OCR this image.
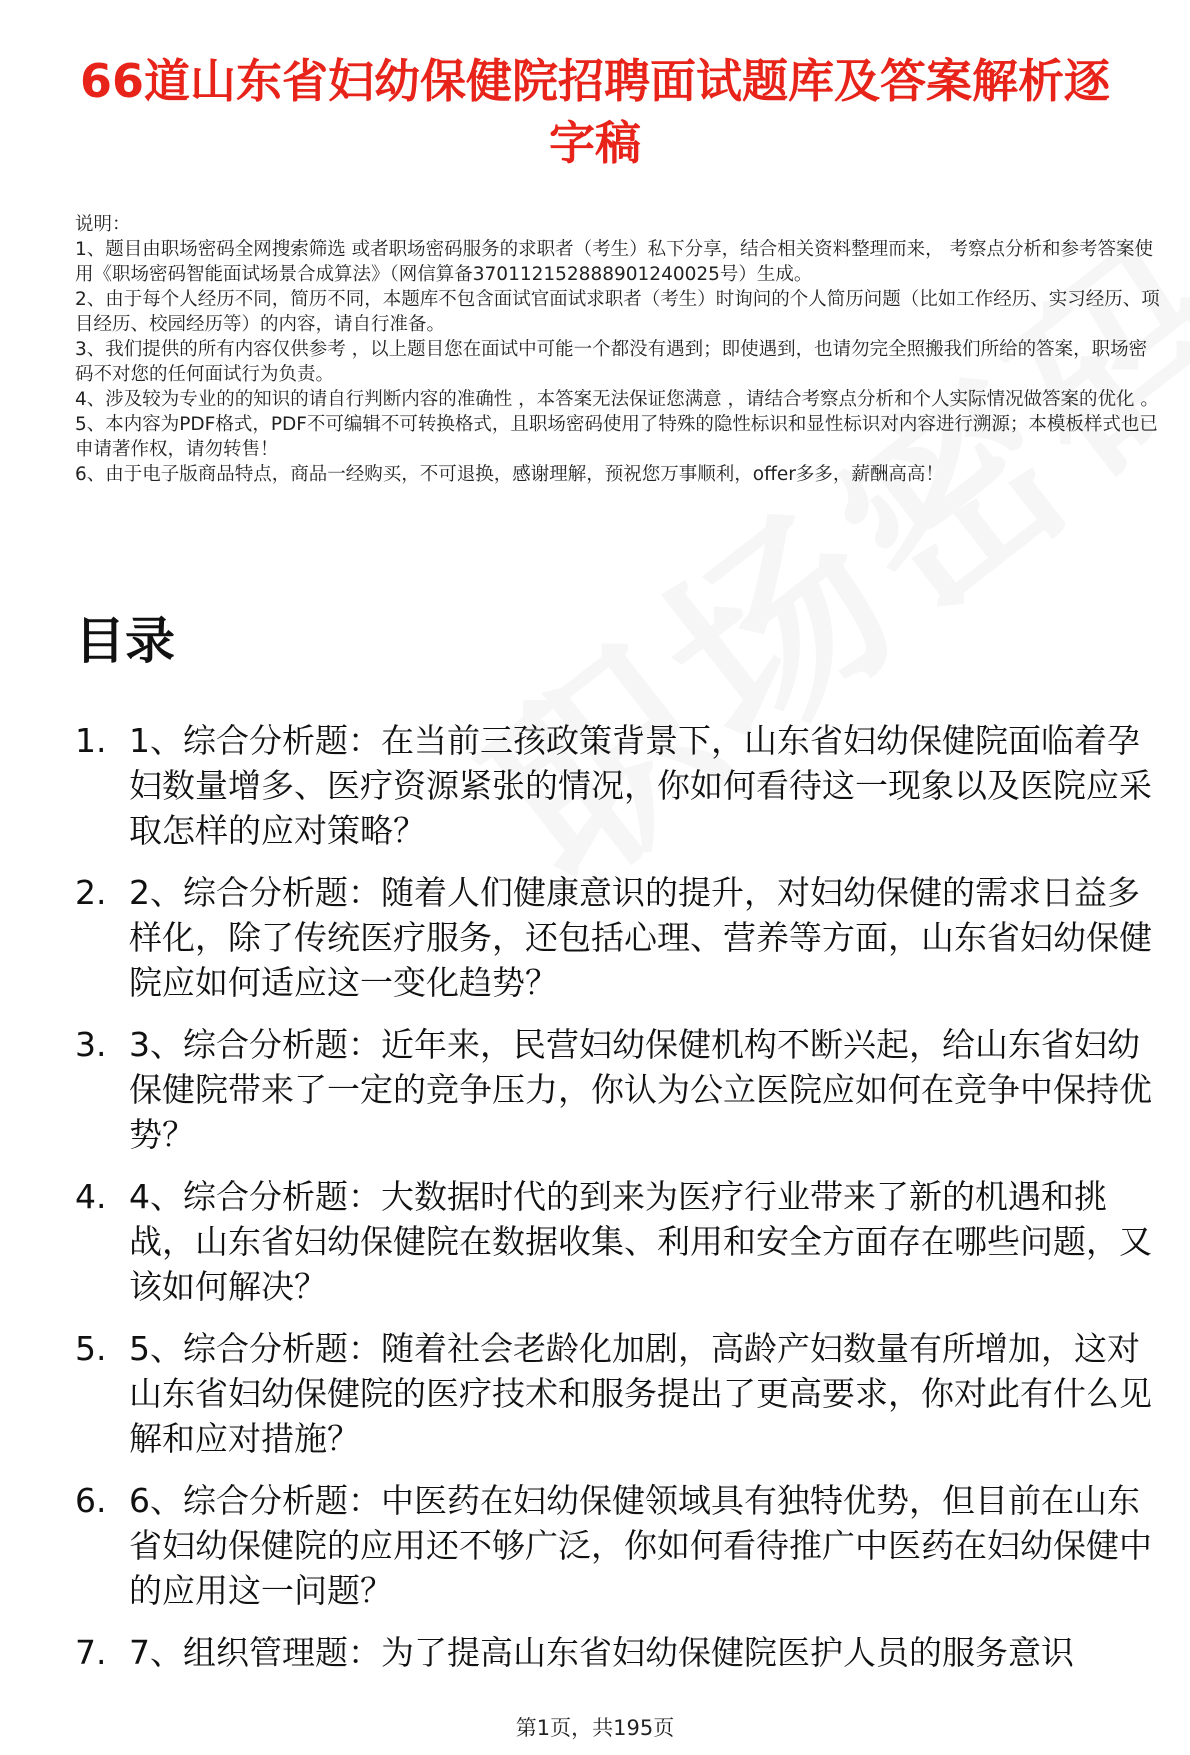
66道山东省妇幼保健院招聘面试题库及答案解析逐字稿

说明：

1、题目由职场密码全网搜索筛选 或者职场密码服务的求职者（考生）私下分享，结合相关资料整理而来， 考察点分析和参考答案使用《职场密码智能面试场景合成算法》（网信算备370112152888901240025号）生成。

2、由于每个人经历不同，简历不同，本题库不包含面试官面试求职者（考生）时询问的个人简历问题（比如工作经历、实习经历、项目经历、校园经历等）的内容，请自行准备。

3、我们提供的所有内容仅供参考 ，以上题目您在面试中可能一个都没有遇到；即使遇到，也请勿完全照搬我们所给的答案，职场密码不对您的任何面试行为负责。

4、涉及较为专业的的知识的请自行判断内容的准确性 ，本答案无法保证您满意 ，请结合考察点分析和个人实际情况做答案的优化 。

5、本内容为PDF格式，PDF不可编辑不可转换格式，且职场密码使用了特殊的隐性标识和显性标识对内容进行溯源；本模板样式也已申请著作权，请勿转售！

6、由于电子版商品特点，商品一经购买，不可退换，感谢理解，预祝您万事顺利，offer多多，薪酬高高！

目录
1. 1、综合分析题：在当前三孩政策背景下，山东省妇幼保健院面临着孕妇数量增多、医疗资源紧张的情况，你如何看待这一现象以及医院应采取怎样的应对策略？
2. 2、综合分析题：随着人们健康意识的提升，对妇幼保健的需求日益多样化，除了传统医疗服务，还包括心理、营养等方面，山东省妇幼保健院应如何适应这一变化趋势？
3. 3、综合分析题：近年来，民营妇幼保健机构不断兴起，给山东省妇幼保健院带来了一定的竞争压力，你认为公立医院应如何在竞争中保持优势？
4. 4、综合分析题：大数据时代的到来为医疗行业带来了新的机遇和挑战，山东省妇幼保健院在数据收集、利用和安全方面存在哪些问题，又该如何解决？
5. 5、综合分析题：随着社会老龄化加剧，高龄产妇数量有所增加，这对山东省妇幼保健院的医疗技术和服务提出了更高要求，你对此有什么见解和应对措施？
6. 6、综合分析题：中医药在妇幼保健领域具有独特优势，但目前在山东省妇幼保健院的应用还不够广泛，你如何看待推广中医药在妇幼保健中的应用这一问题？
7. 7、组织管理题：为了提高山东省妇幼保健院医护人员的服务意识
第1页，共195页
